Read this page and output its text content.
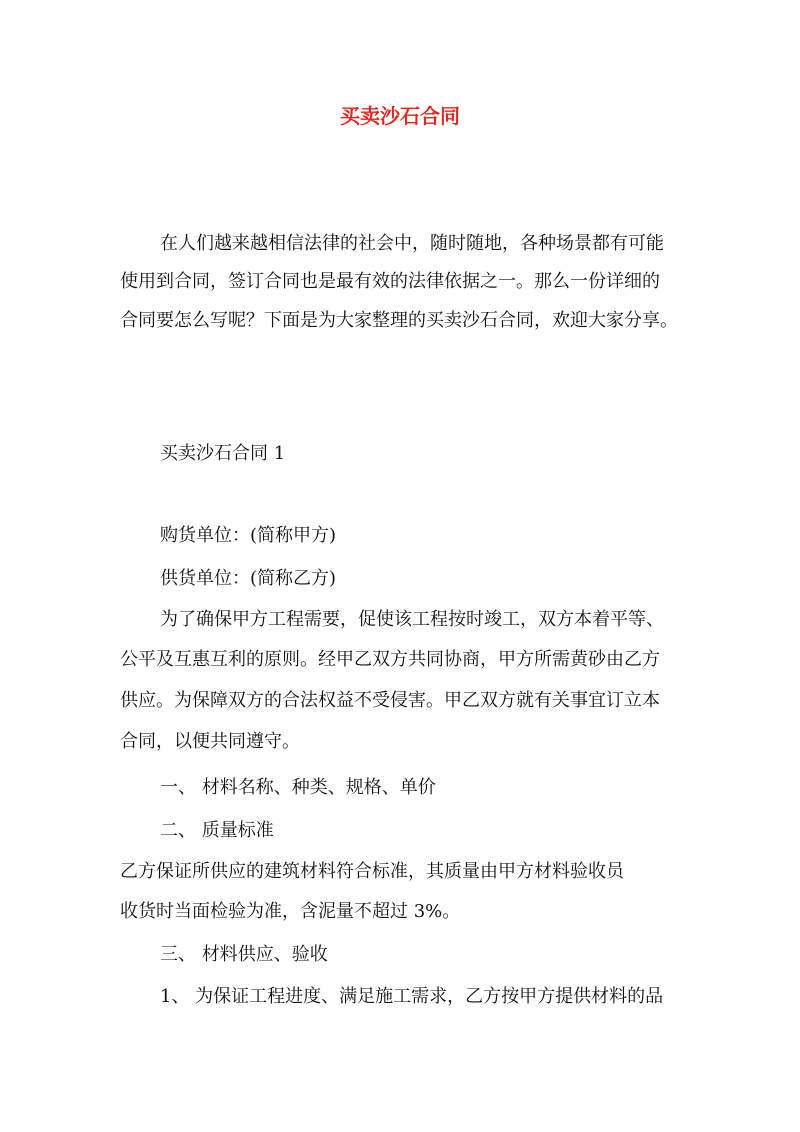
买卖沙石合同
在人们越来越相信法律的社会中，随时随地，各种场景都有可能
使用到合同，签订合同也是最有效的法律依据之一。那么一份详细的
合同要怎么写呢？下面是为大家整理的买卖沙石合同，欢迎大家分享。
买卖沙石合同 1
购货单位：(简称甲方)
供货单位：(简称乙方)
为了确保甲方工程需要，促使该工程按时竣工，双方本着平等、
公平及互惠互利的原则。经甲乙双方共同协商，甲方所需黄砂由乙方
供应。为保障双方的合法权益不受侵害。甲乙双方就有关事宜订立本
合同，以便共同遵守。
一、 材料名称、种类、规格、单价
二、 质量标准
乙方保证所供应的建筑材料符合标准，其质量由甲方材料验收员
收货时当面检验为准，含泥量不超过 3%。
三、 材料供应、验收
1、 为保证工程进度、满足施工需求，乙方按甲方提供材料的品
